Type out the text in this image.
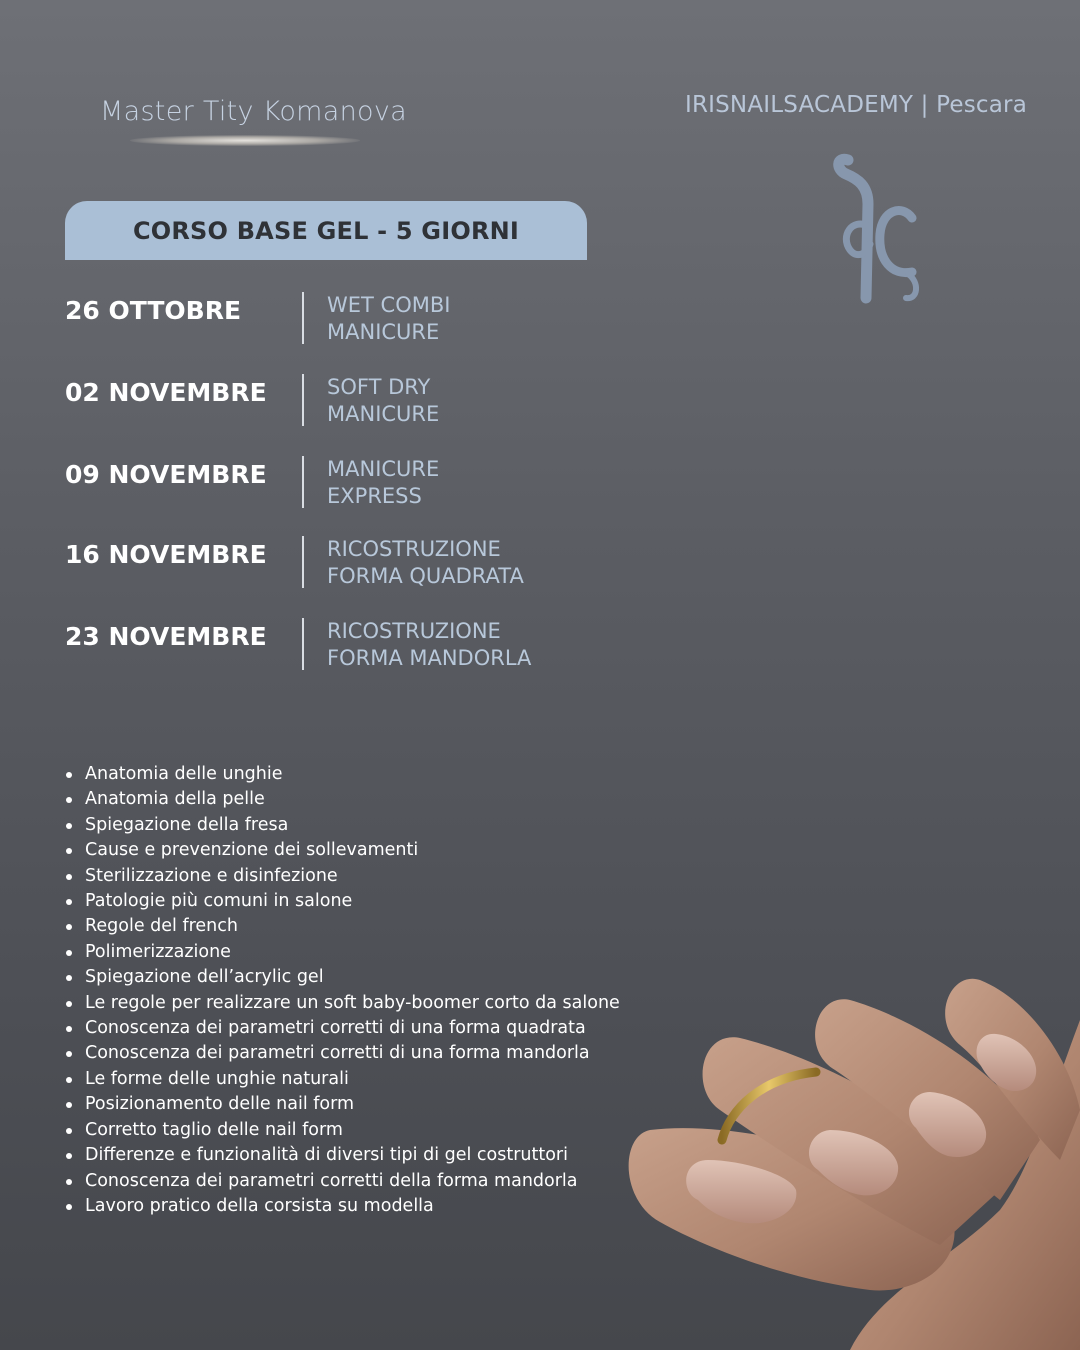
Master Tity Komanova	IRISNAILSACADEMY | Pescara
CORSO BASE GEL - 5 GIORNI
26 OTTOBRE	WET COMBI
MANICURE
02 NOVEMBRE	SOFT DRY
MANICURE
09 NOVEMBRE	MANICURE
EXPRESS
16 NOVEMBRE	RICOSTRUZIONE
FORMA QUADRATA
23 NOVEMBRE	RICOSTRUZIONE
FORMA MANDORLA
Anatomia delle unghie
Anatomia della pelle
Spiegazione della fresa
Cause e prevenzione dei sollevamenti
Sterilizzazione e disinfezione
Patologie più comuni in salone
Regole del french
Polimerizzazione
Spiegazione dell’acrylic gel
Le regole per realizzare un soft baby-boomer corto da salone
Conoscenza dei parametri corretti di una forma quadrata
Conoscenza dei parametri corretti di una forma mandorla
Le forme delle unghie naturali
Posizionamento delle nail form
Corretto taglio delle nail form
Differenze e funzionalità di diversi tipi di gel costruttori
Conoscenza dei parametri corretti della forma mandorla
Lavoro pratico della corsista su modella
